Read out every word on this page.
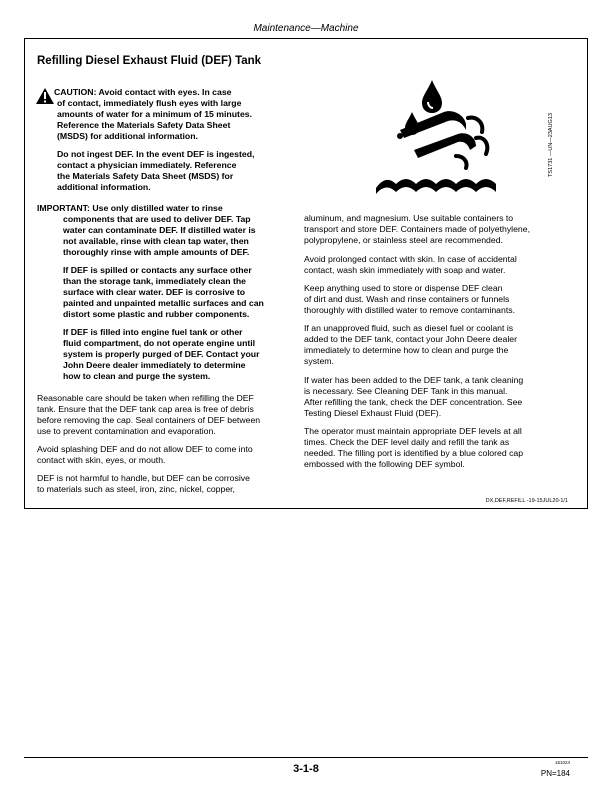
Maintenance—Machine
Refilling Diesel Exhaust Fluid (DEF) Tank
CAUTION: Avoid contact with eyes. In case
of contact, immediately flush eyes with large
amounts of water for a minimum of 15 minutes.
Reference the Materials Safety Data Sheet
(MSDS) for additional information.
Do not ingest DEF. In the event DEF is ingested,
contact a physician immediately. Reference
the Materials Safety Data Sheet (MSDS) for
additional information.
IMPORTANT: Use only distilled water to rinse
components that are used to deliver DEF. Tap
water can contaminate DEF. If distilled water is
not available, rinse with clean tap water, then
thoroughly rinse with ample amounts of DEF.
If DEF is spilled or contacts any surface other
than the storage tank, immediately clean the
surface with clear water. DEF is corrosive to
painted and unpainted metallic surfaces and can
distort some plastic and rubber components.
If DEF is filled into engine fuel tank or other
fluid compartment, do not operate engine until
system is properly purged of DEF. Contact your
John Deere dealer immediately to determine
how to clean and purge the system.
Reasonable care should be taken when refilling the DEF
tank. Ensure that the DEF tank cap area is free of debris
before removing the cap. Seal containers of DEF between
use to prevent contamination and evaporation.
Avoid splashing DEF and do not allow DEF to come into
contact with skin, eyes, or mouth.
DEF is not harmful to handle, but DEF can be corrosive
to materials such as steel, iron, zinc, nickel, copper,
TS1731 —UN—23AUG13
aluminum, and magnesium. Use suitable containers to
transport and store DEF. Containers made of polyethylene,
polypropylene, or stainless steel are recommended.
Avoid prolonged contact with skin. In case of accidental
contact, wash skin immediately with soap and water.
Keep anything used to store or dispense DEF clean
of dirt and dust. Wash and rinse containers or funnels
thoroughly with distilled water to remove contaminants.
If an unapproved fluid, such as diesel fuel or coolant is
added to the DEF tank, contact your John Deere dealer
immediately to determine how to clean and purge the
system.
If water has been added to the DEF tank, a tank cleaning
is necessary. See Cleaning DEF Tank in this manual.
After refilling the tank, check the DEF concentration. See
Testing Diesel Exhaust Fluid (DEF).
The operator must maintain appropriate DEF levels at all
times. Check the DEF level daily and refill the tank as
needed. The filling port is identified by a blue colored cap
embossed with the following DEF symbol.
DX,DEF,REFILL -19-15JUL20-1/1
3-1-8
151024
PN=184
